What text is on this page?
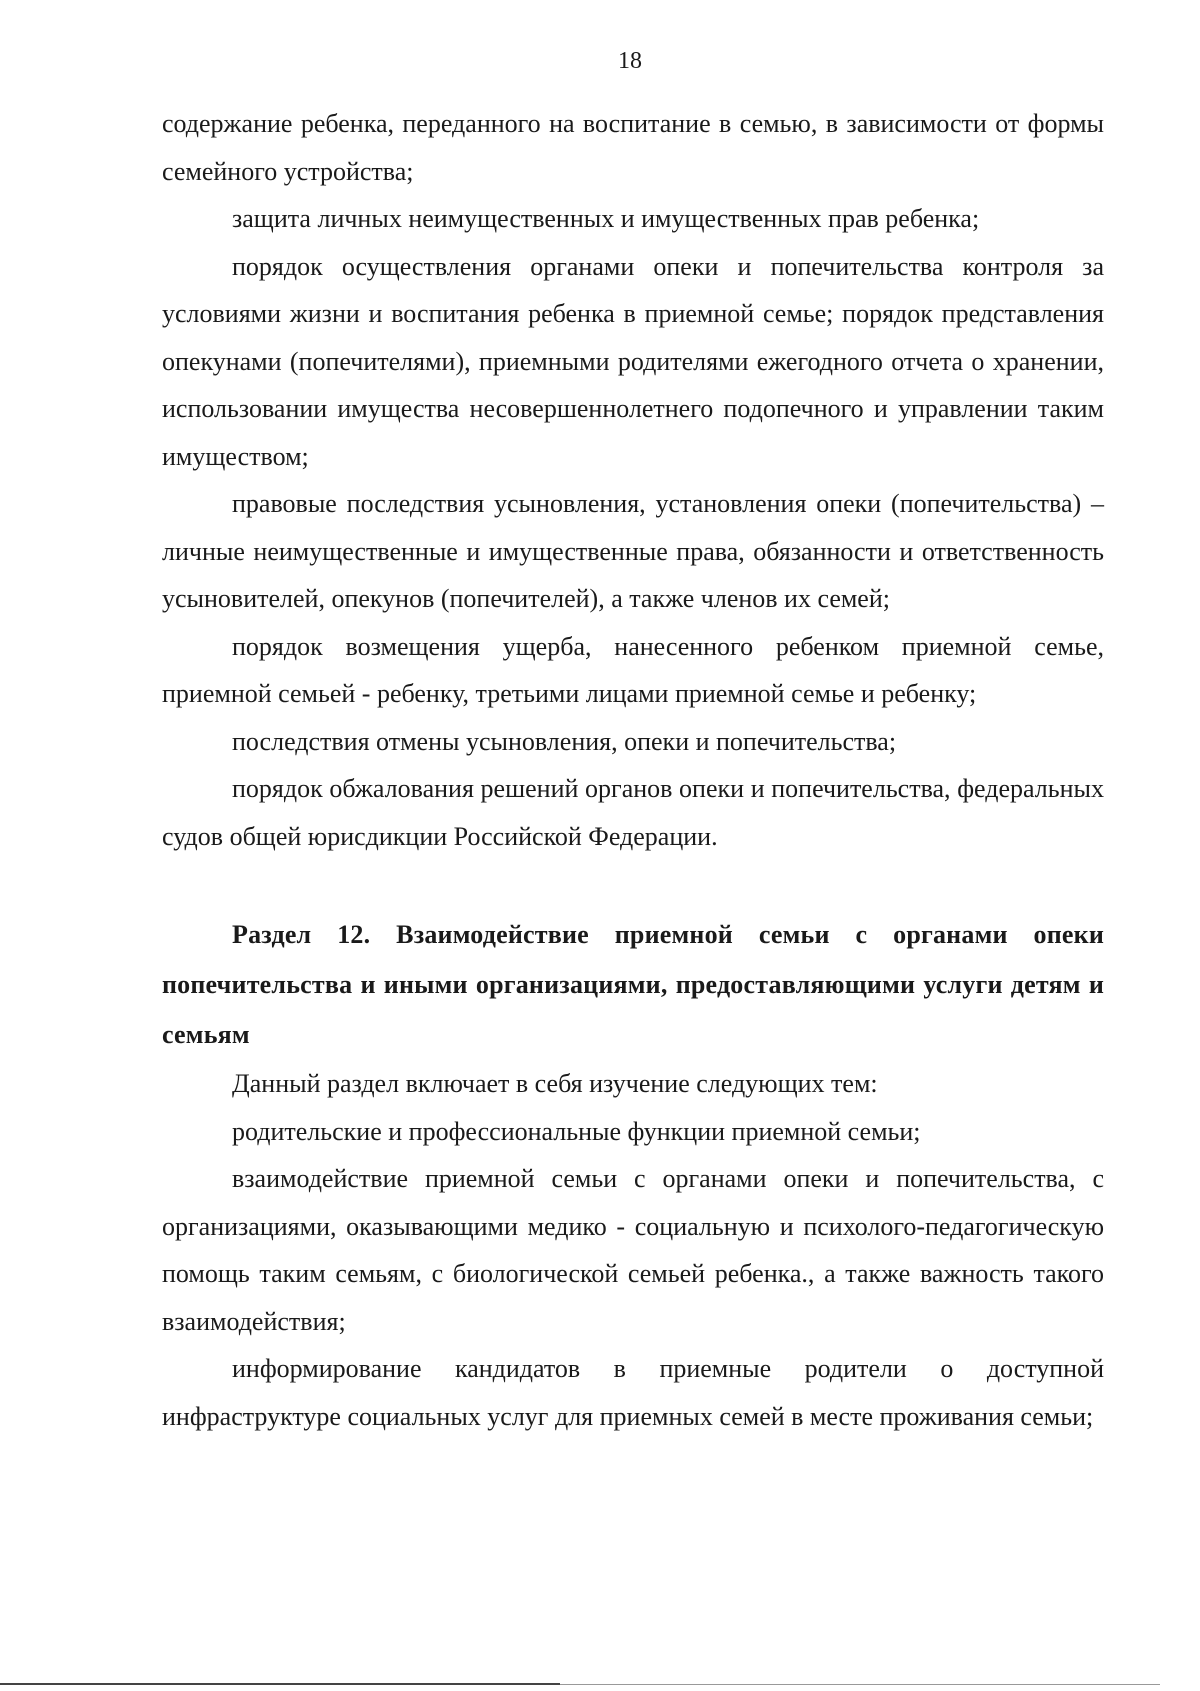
18

содержание ребенка, переданного на воспитание в семью, в зависимости от формы семейного устройства;

защита личных неимущественных и имущественных прав ребенка;

порядок осуществления органами опеки и попечительства контроля за условиями жизни и воспитания ребенка в приемной семье; порядок представления опекунами (попечителями), приемными родителями ежегодного отчета о хранении, использовании имущества несовершеннолетнего подопечного и управлении таким имуществом;

правовые последствия усыновления, установления опеки (попечительства) – личные неимущественные и имущественные права, обязанности и ответственность усыновителей, опекунов (попечителей), а также членов их семей;

порядок возмещения ущерба, нанесенного ребенком приемной семье, приемной семьей - ребенку, третьими лицами приемной семье и ребенку;

последствия отмены усыновления, опеки и попечительства;

порядок обжалования решений органов опеки и попечительства, федеральных судов общей юрисдикции Российской Федерации.

Раздел 12. Взаимодействие приемной семьи с органами опеки попечительства и иными организациями, предоставляющими услуги детям и семьям

Данный раздел включает в себя изучение следующих тем:

родительские и профессиональные функции приемной семьи;

взаимодействие приемной семьи с органами опеки и попечительства, с организациями, оказывающими медико - социальную и психолого-педагогическую помощь таким семьям, с биологической семьей ребенка., а также важность такого взаимодействия;

информирование кандидатов в приемные родители о доступной инфраструктуре социальных услуг для приемных семей в месте проживания семьи;
